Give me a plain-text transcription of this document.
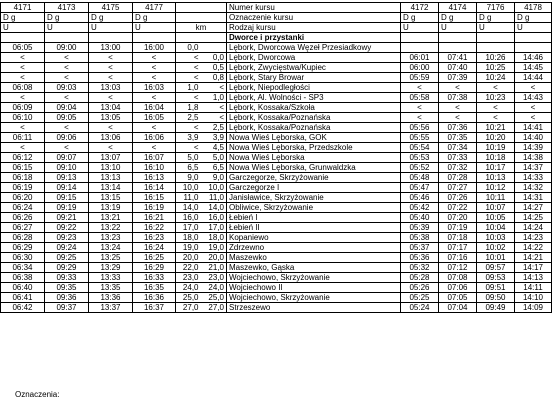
4171	4173	4175	4177			Numer kursu	4172	4174	7176	4178
D g	D g	D g	D g			Oznaczenie kursu	D g	D g	D g	D g
U	U	U	U	km		Rodzaj kursu	U	U	U	U
						Dworce i przystanki				
06:05	09:00	13:00	16:00	0,0		Lębork, Dworcowa Węzeł Przesiadkowy				
<	<	<	<	<	0,0	Lębork, Dworcowa	06:01	07:41	10:26	14:46
<	<	<	<	<	0,5	Lębork, Zwycięstwa/Kupiec	06:00	07:40	10:25	14:45
<	<	<	<	<	0,8	Lębork, Stary Browar	05:59	07:39	10:24	14:44
06:08	09:03	13:03	16:03	1,0	<	Lębork, Niepodległości	<	<	<	<
<	<	<	<	<	1,0	Lębork, Al. Wolności - SP3	05:58	07:38	10:23	14:43
06:09	09:04	13:04	16:04	1,8	<	Lębork, Kossaka/Szkoła	<	<	<	<
06:10	09:05	13:05	16:05	2,5	<	Lębork, Kossaka/Poznańska	<	<	<	<
<	<	<	<	<	2,5	Lębork, Kossaka/Poznańska	05:56	07:36	10:21	14:41
06:11	09:06	13:06	16:06	3,9	3,9	Nowa Wieś Lęborska, GOK	05:55	07:35	10:20	14:40
<	<	<	<	<	4,5	Nowa Wieś Lęborska, Przedszkole	05:54	07:34	10:19	14:39
06:12	09:07	13:07	16:07	5,0	5,0	Nowa Wieś Lęborska	05:53	07:33	10:18	14:38
06:15	09:10	13:10	16:10	6,5	6,5	Nowa Wieś Lęborska, Grunwaldzka	05:52	07:32	10:17	14:37
06:18	09:13	13:13	16:13	9,0	9,0	Garczegorze, Skrzyżowanie	05:48	07:28	10:13	14:33
06:19	09:14	13:14	16:14	10,0	10,0	Garczegorze I	05:47	07:27	10:12	14:32
06:20	09:15	13:15	16:15	11,0	11,0	Janisławice, Skrzyżowanie	05:46	07:26	10:11	14:31
06:24	09:19	13:19	16:19	14,0	14,0	Obliwice, Skrzyżowanie	05:42	07:22	10:07	14:27
06:26	09:21	13:21	16:21	16,0	16,0	Łebień I	05:40	07:20	10:05	14:25
06:27	09:22	13:22	16:22	17,0	17,0	Łebień II	05:39	07:19	10:04	14:24
06:28	09:23	13:23	16:23	18,0	18,0	Kopaniewo	05:38	07:18	10:03	14:23
06:29	09:24	13:24	16:24	19,0	19,0	Zdrzewno	05:37	07:17	10:02	14:22
06:30	09:25	13:25	16:25	20,0	20,0	Maszewko	05:36	07:16	10:01	14:21
06:34	09:29	13:29	16:29	22,0	21,0	Maszewko, Gąska	05:32	07:12	09:57	14:17
06:38	09:33	13:33	16:33	23,0	23,0	Wojciechowo, Skrzyżowanie	05:28	07:08	09:53	14:13
06:40	09:35	13:35	16:35	24,0	24,0	Wojciechowo II	05:26	07:06	09:51	14:11
06:41	09:36	13:36	16:36	25,0	25,0	Wojciechowo, Skrzyżowanie	05:25	07:05	09:50	14:10
06:42	09:37	13:37	16:37	27,0	27,0	Strzeszewo	05:24	07:04	09:49	14:09
Oznaczenia:
